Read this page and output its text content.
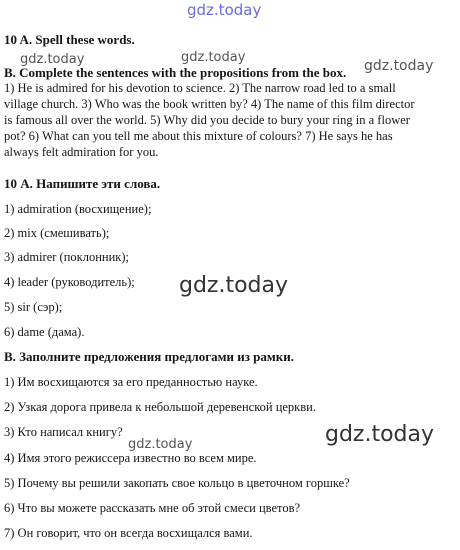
gdz.today
gdz.today	gdz.today
gdz.today
gdz.today
gdz.today
gdz.today
10 A. Spell these words.
B. Complete the sentences with the propositions from the box.
1) He is admired for his devotion to science. 2) The narrow road led to a small
village church. 3) Who was the book written by? 4) The name of this film director
is famous all over the world. 5) Why did you decide to bury your ring in a flower
pot? 6) What can you tell me about this mixture of colours? 7) He says he has
always felt admiration for you.
10 А. Напишите эти слова.
1) admiration (восхищение);
2) mix (смешивать);
3) admirer (поклонник);
4) leader (руководитель);
5) sir (сэр);
6) dame (дама).
В. Заполните предложения предлогами из рамки.
1) Им восхищаются за его преданностью науке.
2) Узкая дорога привела к небольшой деревенской церкви.
3) Кто написал книгу?
4) Имя этого режиссера известно во всем мире.
5) Почему вы решили закопать свое кольцо в цветочном горшке?
6) Что вы можете рассказать мне об этой смеси цветов?
7) Он говорит, что он всегда восхищался вами.
